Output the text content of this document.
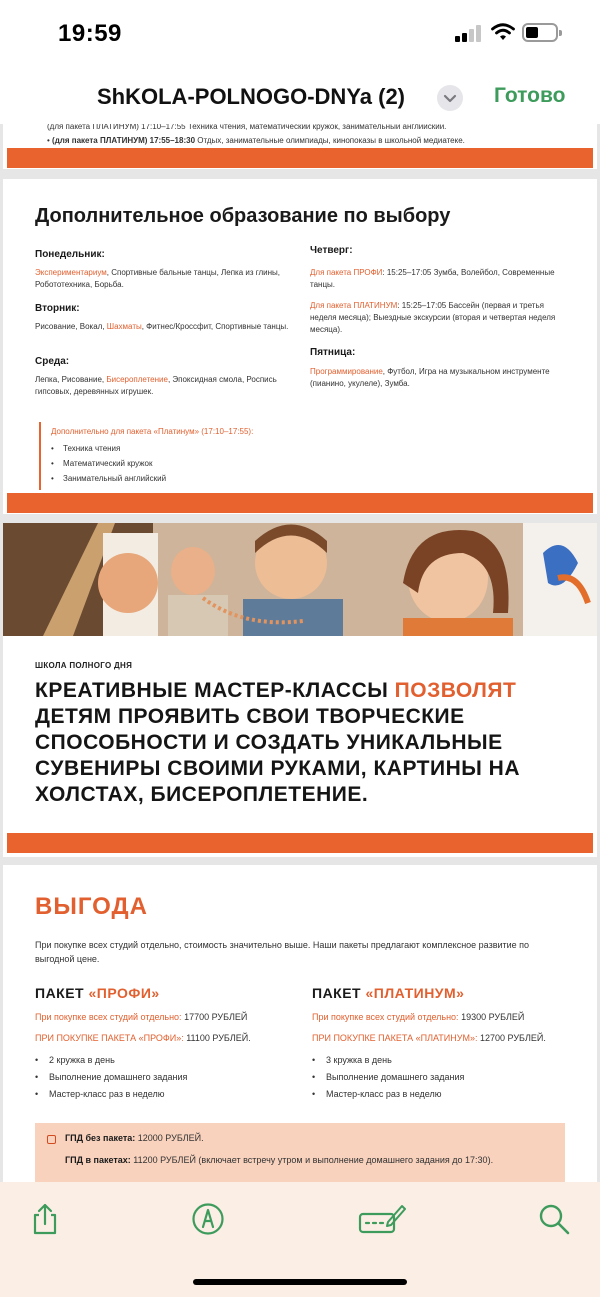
19:59
ShKOLA-POLNOGO-DNYa (2)	Готово
(для пакета ПЛАТИНУМ) 17:10–17:55 Техника чтения, математический кружок, занимательный английский.
• (для пакета ПЛАТИНУМ) 17:55–18:30 Отдых, занимательные олимпиады, кинопоказы в школьной медиатеке.
Дополнительное образование по выбору
Понедельник:
Экспериментариум, Спортивные бальные танцы, Лепка из глины, Робототехника, Борьба.
Вторник:
Рисование, Вокал, Шахматы, Фитнес/Кроссфит, Спортивные танцы.
Среда:
Лепка, Рисование, Бисероплетение, Эпоксидная смола, Роспись гипсовых, деревянных игрушек.
Четверг:
Для пакета ПРОФИ: 15:25–17:05 Зумба, Волейбол, Современные танцы.
Для пакета ПЛАТИНУМ: 15:25–17:05 Бассейн (первая и третья неделя месяца); Выездные экскурсии (вторая и четвертая неделя месяца).
Пятница:
Программирование, Футбол, Игра на музыкальном инструменте (пианино, укулеле), Зумба.
Дополнительно для пакета «Платинум» (17:10–17:55):
• Техника чтения
• Математический кружок
• Занимательный английский
ШКОЛА ПОЛНОГО ДНЯ
КРЕАТИВНЫЕ МАСТЕР-КЛАССЫ ПОЗВОЛЯТ ДЕТЯМ ПРОЯВИТЬ СВОИ ТВОРЧЕСКИЕ СПОСОБНОСТИ И СОЗДАТЬ УНИКАЛЬНЫЕ СУВЕНИРЫ СВОИМИ РУКАМИ, КАРТИНЫ НА ХОЛСТАХ, БИСЕРОПЛЕТЕНИЕ.
ВЫГОДА
При покупке всех студий отдельно, стоимость значительно выше. Наши пакеты предлагают комплексное развитие по выгодной цене.
ПАКЕТ «ПРОФИ»
При покупке всех студий отдельно: 17700 РУБЛЕЙ
ПРИ ПОКУПКЕ ПАКЕТА «ПРОФИ»: 11100 РУБЛЕЙ.
• 2 кружка в день
• Выполнение домашнего задания
• Мастер-класс раз в неделю
ПАКЕТ «ПЛАТИНУМ»
При покупке всех студий отдельно: 19300 РУБЛЕЙ
ПРИ ПОКУПКЕ ПАКЕТА «ПЛАТИНУМ»: 12700 РУБЛЕЙ.
• 3 кружка в день
• Выполнение домашнего задания
• Мастер-класс раз в неделю
ГПД без пакета: 12000 РУБЛЕЙ.
ГПД в пакетах: 11200 РУБЛЕЙ (включает встречу утром и выполнение домашнего задания до 17:30).
